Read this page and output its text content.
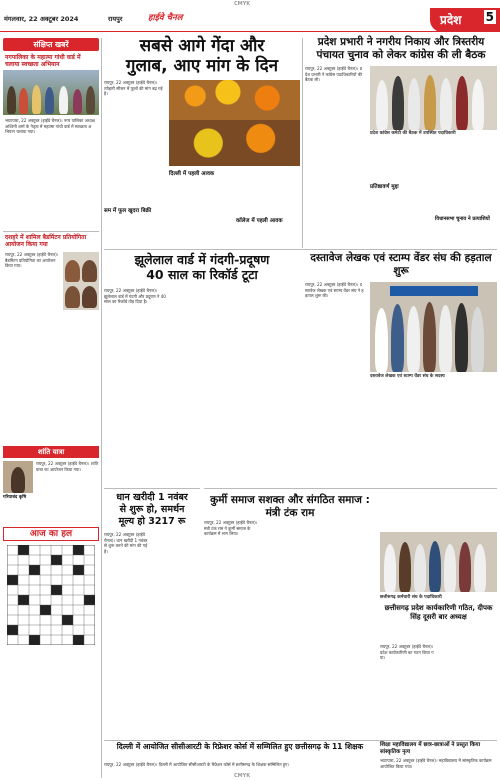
CMYK
मंगलवार, 22 अक्टूबर 2024	रायपुर	हाईवे चैनल	प्रदेश 5
संक्षिप्त खबरें
नगपालिका के महात्मा गांधी वार्ड में चलाया स्वच्छता अभियान
भाटापारा, 22 अक्टूबर (हाईवे चैनल)। नगर पालिका अध्यक्ष अश्विनी शर्मा के नेतृत्व में महात्मा गांधी वार्ड में स्वच्छता अभियान चलाया गया।
दशहरे में शामिल बैडमिंटन प्रतियोगिता आयोजन किया गया
रायपुर, 22 अक्टूबर (हाईवे चैनल)। बैडमिंटन प्रतियोगिता का आयोजन किया गया।
शांति यात्रा
गरियाबंद कृषि
रायपुर, 22 अक्टूबर (हाईवे चैनल)। शांति यात्रा का आयोजन किया गया।
आज का हल
सबसे आगे गेंदा और
गुलाब, आए मांग के दिन
रायपुर, 22 अक्टूबर (हाईवे चैनल)। त्योहारी सीजन में फूलों की मांग बढ़ गई है।
दिल्ली में पहली आवक
सम में फूल खुदरा बिक्री
काॅलेज में पहली आवक
प्रदेश प्रभारी ने नगरीय निकाय और त्रिस्तरीय पंचायत चुनाव को लेकर कांग्रेस की ली बैठक
रायपुर, 22 अक्टूबर (हाईवे चैनल)। प्रदेश प्रभारी ने कांग्रेस पदाधिकारियों की बैठक ली।
प्रदेश कांग्रेस कमेटी की बैठक में उपस्थित पदाधिकारी
प्रतिष्ठावर्ण मुद्दा
विधानसभा चुनाव ने प्रत्याशियों
झूलेलाल वार्ड में गंदगी-प्रदूषण
40 साल का रिकॉर्ड टूटा
रायपुर, 22 अक्टूबर (हाईवे चैनल)। झूलेलाल वार्ड में गंदगी और प्रदूषण ने 40 साल का रिकॉर्ड तोड़ दिया है।
दस्तावेज लेखक एवं स्टाम्प वेंडर संघ की हड़ताल शुरू
रायपुर, 22 अक्टूबर (हाईवे चैनल)। दस्तावेज लेखक एवं स्टाम्प वेंडर संघ ने हड़ताल शुरू की।
दस्तावेज लेखक एवं स्टाम्प वेंडर संघ के सदस्य
धान खरीदी 1 नवंबर
से शुरू हो, समर्थन
मूल्य हो 3217 रू
रायपुर, 22 अक्टूबर (हाईवे चैनल)। धान खरीदी 1 नवंबर से शुरू करने की मांग की गई है।
कुर्मी समाज सशक्त और संगठित समाज : मंत्री टंक राम
रायपुर, 22 अक्टूबर (हाईवे चैनल)। मंत्री टंक राम ने कुर्मी समाज के कार्यक्रम में भाग लिया।
छत्तीसगढ़ कर्मचारी संघ के पदाधिकारी
छत्तीसगढ़ प्रदेश कार्यकारिणी गठित, दीपक सिंह दूसरी बार अध्यक्ष
रायपुर, 22 अक्टूबर (हाईवे चैनल)। प्रदेश कार्यकारिणी का गठन किया गया।
दिल्ली में आयोजित सीसीआरटी के रिफ्रेशर कोर्स में सम्मिलित हुए छत्तीसगढ़ के 11 शिक्षक
रायपुर, 22 अक्टूबर (हाईवे चैनल)। दिल्ली में आयोजित सीसीआरटी के रिफ्रेशर कोर्स में छत्तीसगढ़ के शिक्षक सम्मिलित हुए।
शिक्षा महाविद्यालय में छात्र-छात्राओं ने प्रस्तुत किया सांस्कृतिक नृत्य
भाटापारा, 22 अक्टूबर (हाईवे चैनल)। महाविद्यालय में सांस्कृतिक कार्यक्रम आयोजित किया गया।
CMYK
